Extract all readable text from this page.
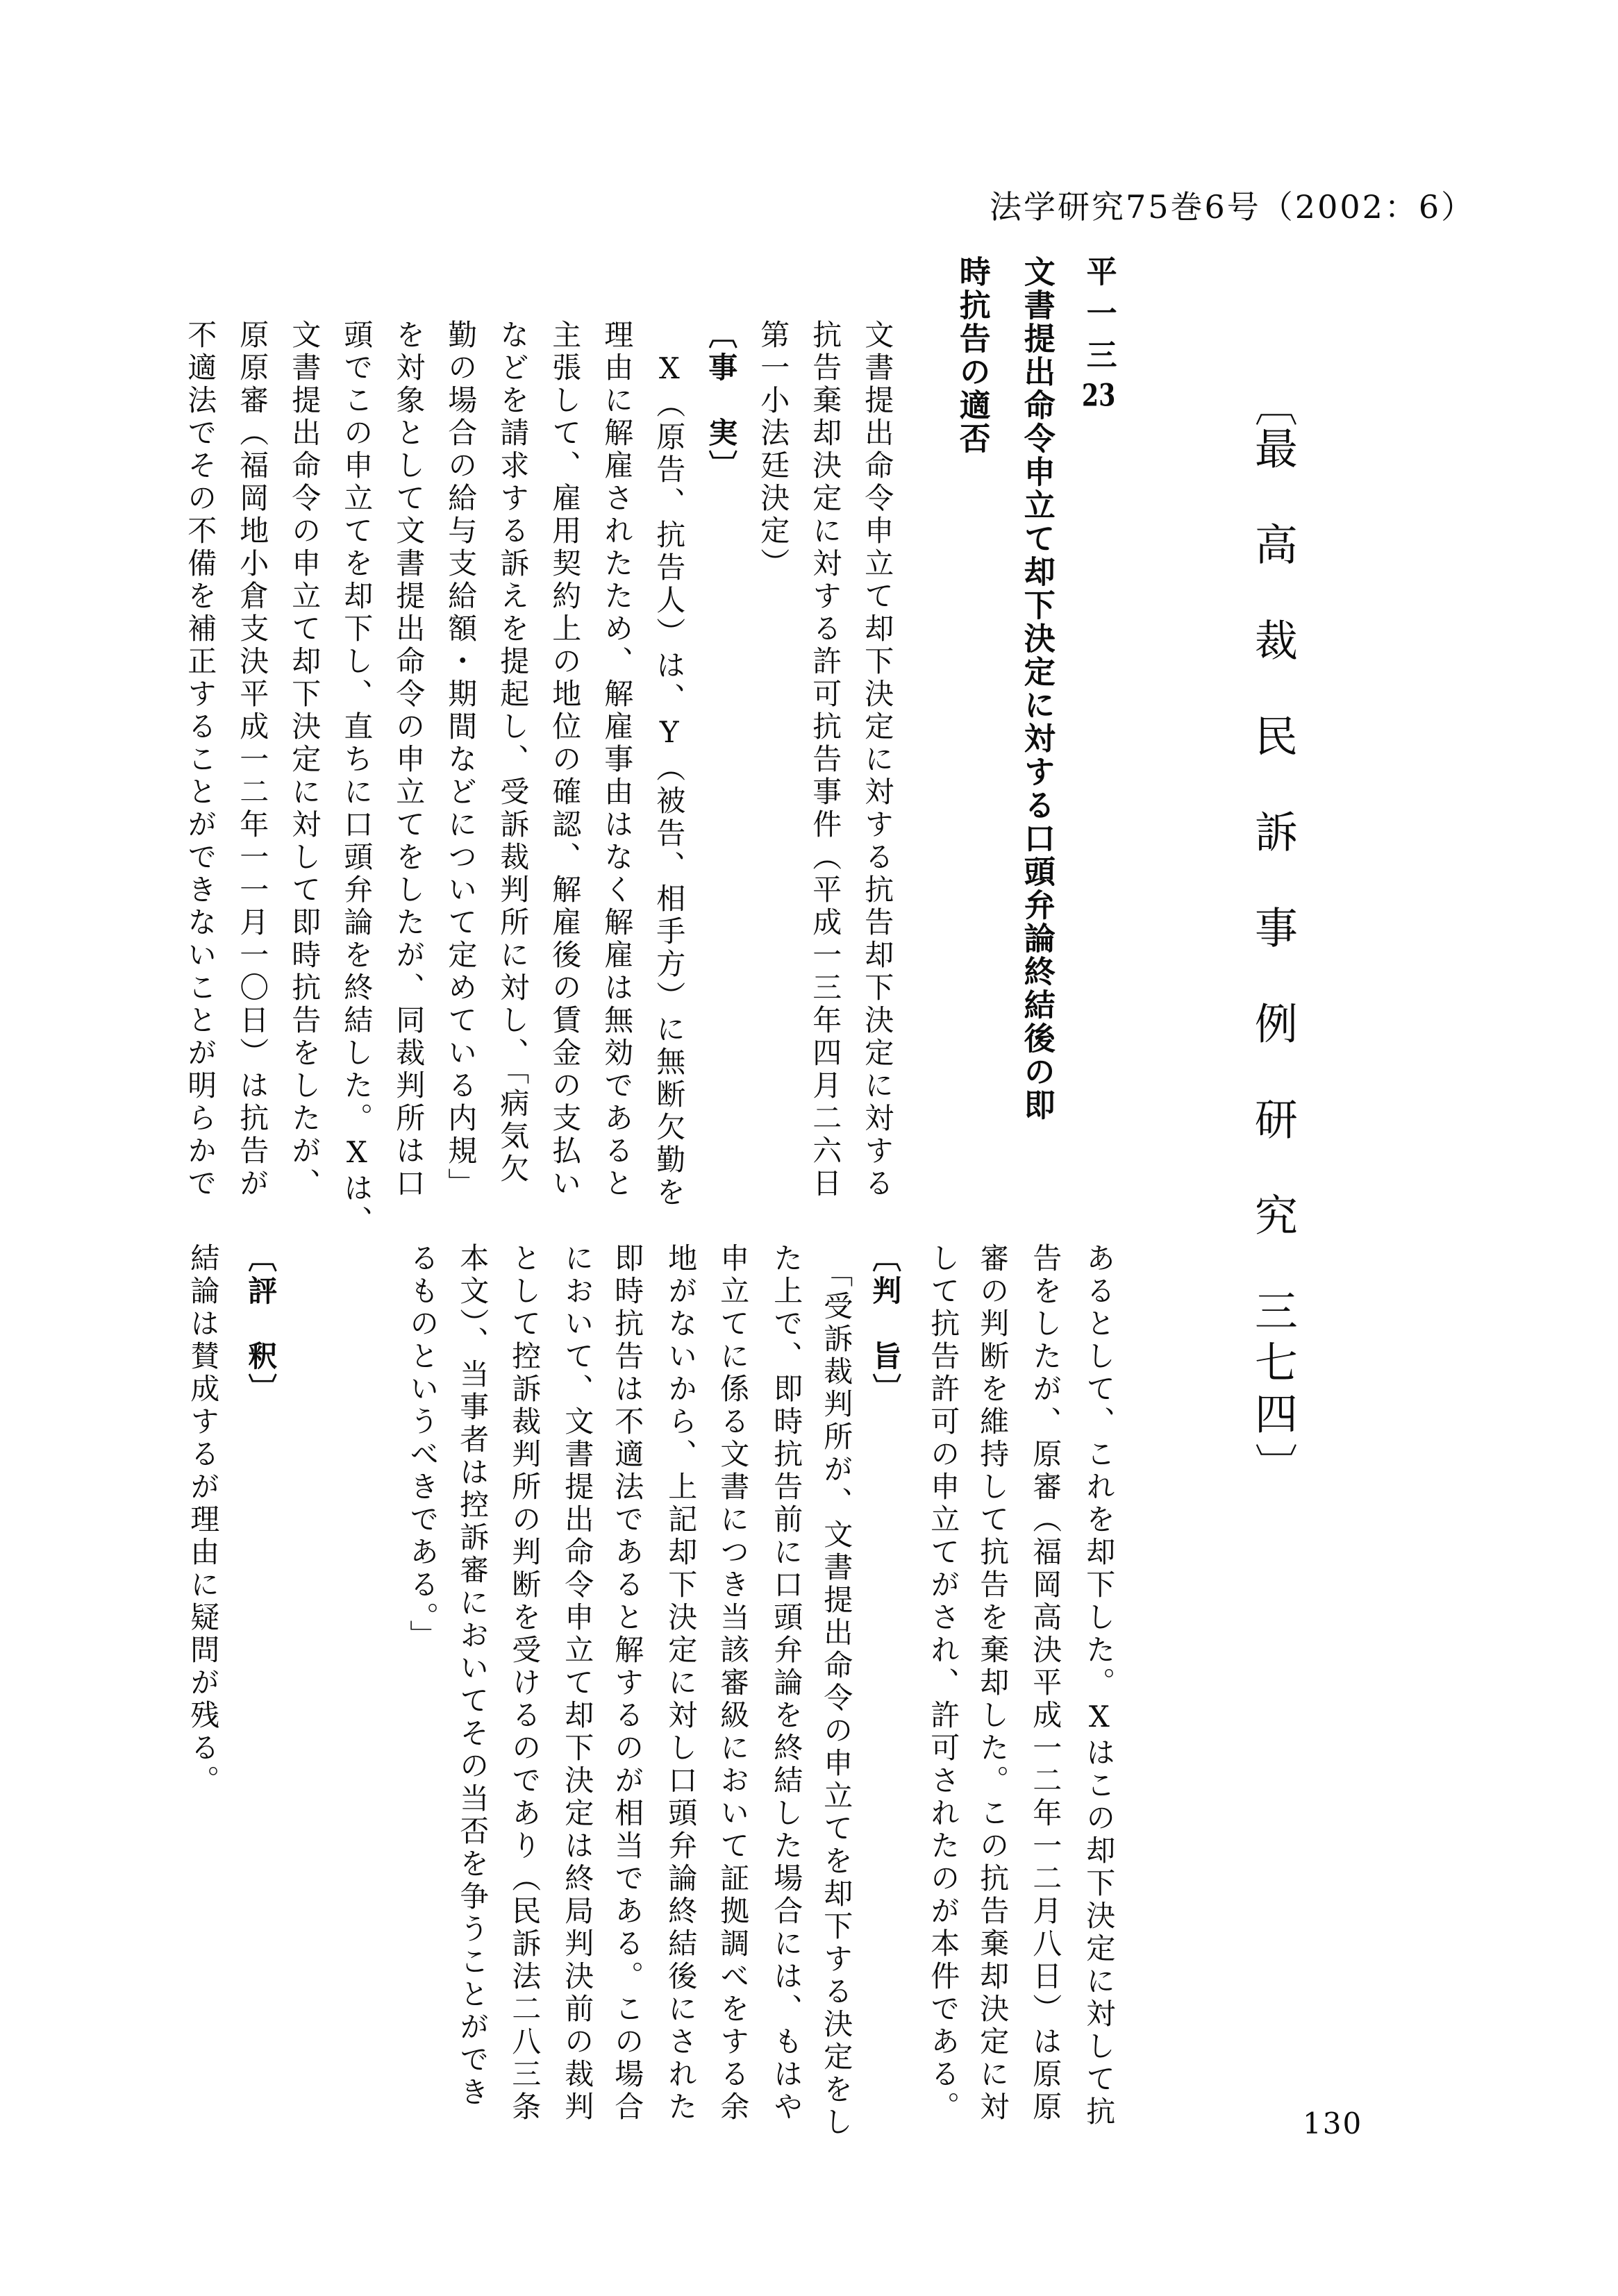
法学研究75巻6号（2002：6）
〔最高裁民訴事例研究三七四〕
平一三23
文書提出命令申立て却下決定に対する口頭弁論終結後の即
時抗告の適否
文書提出命令申立て却下決定に対する抗告却下決定に対する
抗告棄却決定に対する許可抗告事件（平成一三年四月二六日
第一小法廷決定）
〔事　実〕
X（原告、抗告人）は、Y（被告、相手方）に無断欠勤を
理由に解雇されたため、解雇事由はなく解雇は無効であると
主張して、雇用契約上の地位の確認、解雇後の賃金の支払い
などを請求する訴えを提起し、受訴裁判所に対し、「病気欠
勤の場合の給与支給額・期間などについて定めている内規」
を対象として文書提出命令の申立てをしたが、同裁判所は口
頭でこの申立てを却下し、直ちに口頭弁論を終結した。Xは、
文書提出命令の申立て却下決定に対して即時抗告をしたが、
原原審（福岡地小倉支決平成一二年一一月一〇日）は抗告が
不適法でその不備を補正することができないことが明らかで
あるとして、これを却下した。Xはこの却下決定に対して抗
告をしたが、原審（福岡高決平成一二年一二月八日）は原原
審の判断を維持して抗告を棄却した。この抗告棄却決定に対
して抗告許可の申立てがされ、許可されたのが本件である。
〔判　旨〕
「受訴裁判所が、文書提出命令の申立てを却下する決定をし
た上で、即時抗告前に口頭弁論を終結した場合には、もはや
申立てに係る文書につき当該審級において証拠調べをする余
地がないから、上記却下決定に対し口頭弁論終結後にされた
即時抗告は不適法であると解するのが相当である。この場合
において、文書提出命令申立て却下決定は終局判決前の裁判
として控訴裁判所の判断を受けるのであり（民訴法二八三条
本文）、当事者は控訴審においてその当否を争うことができ
るものというべきである。」
〔評　釈〕
結論は賛成するが理由に疑問が残る。
130
